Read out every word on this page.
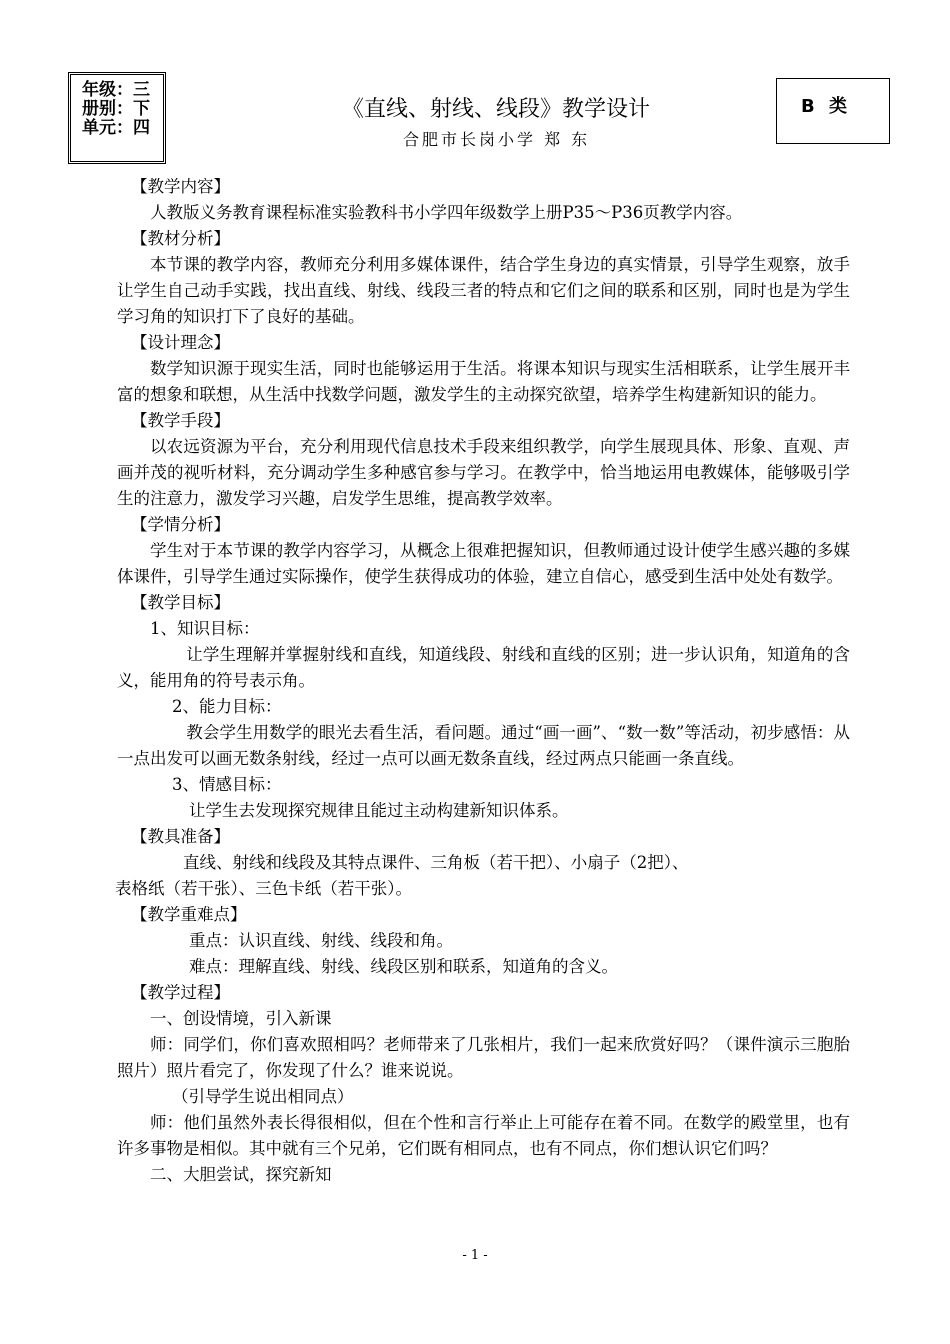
年级：三
册别：下
单元：四
《直线、射线、线段》教学设计
合肥市长岗小学 郑 东
B 类

【教学内容】

人教版义务教育课程标准实验教科书小学四年级数学上册P35～P36页教学内容。

【教材分析】

本节课的教学内容，教师充分利用多媒体课件，结合学生身边的真实情景，引导学生观察，放手让学生自己动手实践，找出直线、射线、线段三者的特点和它们之间的联系和区别，同时也是为学生学习角的知识打下了良好的基础。

【设计理念】

数学知识源于现实生活，同时也能够运用于生活。将课本知识与现实生活相联系，让学生展开丰富的想象和联想，从生活中找数学问题，激发学生的主动探究欲望，培养学生构建新知识的能力。

【教学手段】

以农远资源为平台，充分利用现代信息技术手段来组织教学，向学生展现具体、形象、直观、声画并茂的视听材料，充分调动学生多种感官参与学习。在教学中，恰当地运用电教媒体，能够吸引学生的注意力，激发学习兴趣，启发学生思维，提高教学效率。

【学情分析】

学生对于本节课的教学内容学习，从概念上很难把握知识，但教师通过设计使学生感兴趣的多媒体课件，引导学生通过实际操作，使学生获得成功的体验，建立自信心，感受到生活中处处有数学。

【教学目标】

1、知识目标：

让学生理解并掌握射线和直线，知道线段、射线和直线的区别；进一步认识角，知道角的含义，能用角的符号表示角。

2、能力目标：

教会学生用数学的眼光去看生活，看问题。通过“画一画”、“数一数”等活动，初步感悟：从一点出发可以画无数条射线，经过一点可以画无数条直线，经过两点只能画一条直线。

3、情感目标：

让学生去发现探究规律且能过主动构建新知识体系。

【教具准备】

直线、射线和线段及其特点课件、三角板（若干把）、小扇子（2把）、

表格纸（若干张）、三色卡纸（若干张）。

【教学重难点】

重点：认识直线、射线、线段和角。

难点：理解直线、射线、线段区别和联系，知道角的含义。

【教学过程】

一、创设情境，引入新课

师：同学们，你们喜欢照相吗？老师带来了几张相片，我们一起来欣赏好吗？（课件演示三胞胎照片）照片看完了，你发现了什么？谁来说说。

（引导学生说出相同点）

师：他们虽然外表长得很相似，但在个性和言行举止上可能存在着不同。在数学的殿堂里，也有许多事物是相似。其中就有三个兄弟，它们既有相同点，也有不同点，你们想认识它们吗？

二、大胆尝试，探究新知

- 1 -
